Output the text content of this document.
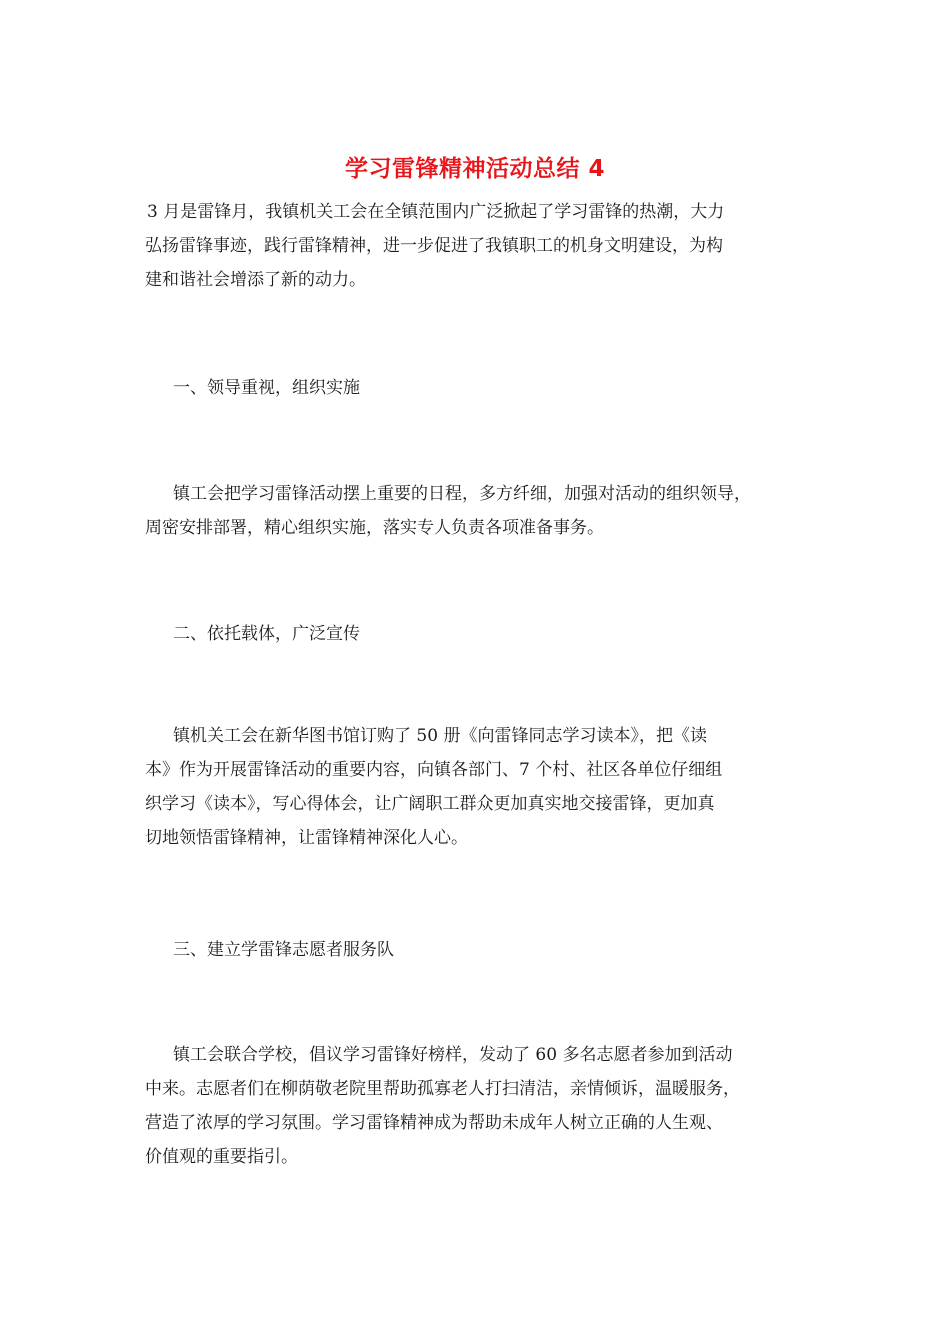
学习雷锋精神活动总结 4
3 月是雷锋月，我镇机关工会在全镇范围内广泛掀起了学习雷锋的热潮，大力
弘扬雷锋事迹，践行雷锋精神，进一步促进了我镇职工的机身文明建设，为构
建和谐社会增添了新的动力。
一、领导重视，组织实施
镇工会把学习雷锋活动摆上重要的日程，多方纤细，加强对活动的组织领导，
周密安排部署，精心组织实施，落实专人负责各项准备事务。
二、依托载体，广泛宣传
镇机关工会在新华图书馆订购了 50 册《向雷锋同志学习读本》，把《读
本》作为开展雷锋活动的重要内容，向镇各部门、7 个村、社区各单位仔细组
织学习《读本》，写心得体会，让广阔职工群众更加真实地交接雷锋，更加真
切地领悟雷锋精神，让雷锋精神深化人心。
三、建立学雷锋志愿者服务队
镇工会联合学校，倡议学习雷锋好榜样，发动了 60 多名志愿者参加到活动
中来。志愿者们在柳荫敬老院里帮助孤寡老人打扫清洁，亲情倾诉，温暖服务，
营造了浓厚的学习氛围。学习雷锋精神成为帮助未成年人树立正确的人生观、
价值观的重要指引。
